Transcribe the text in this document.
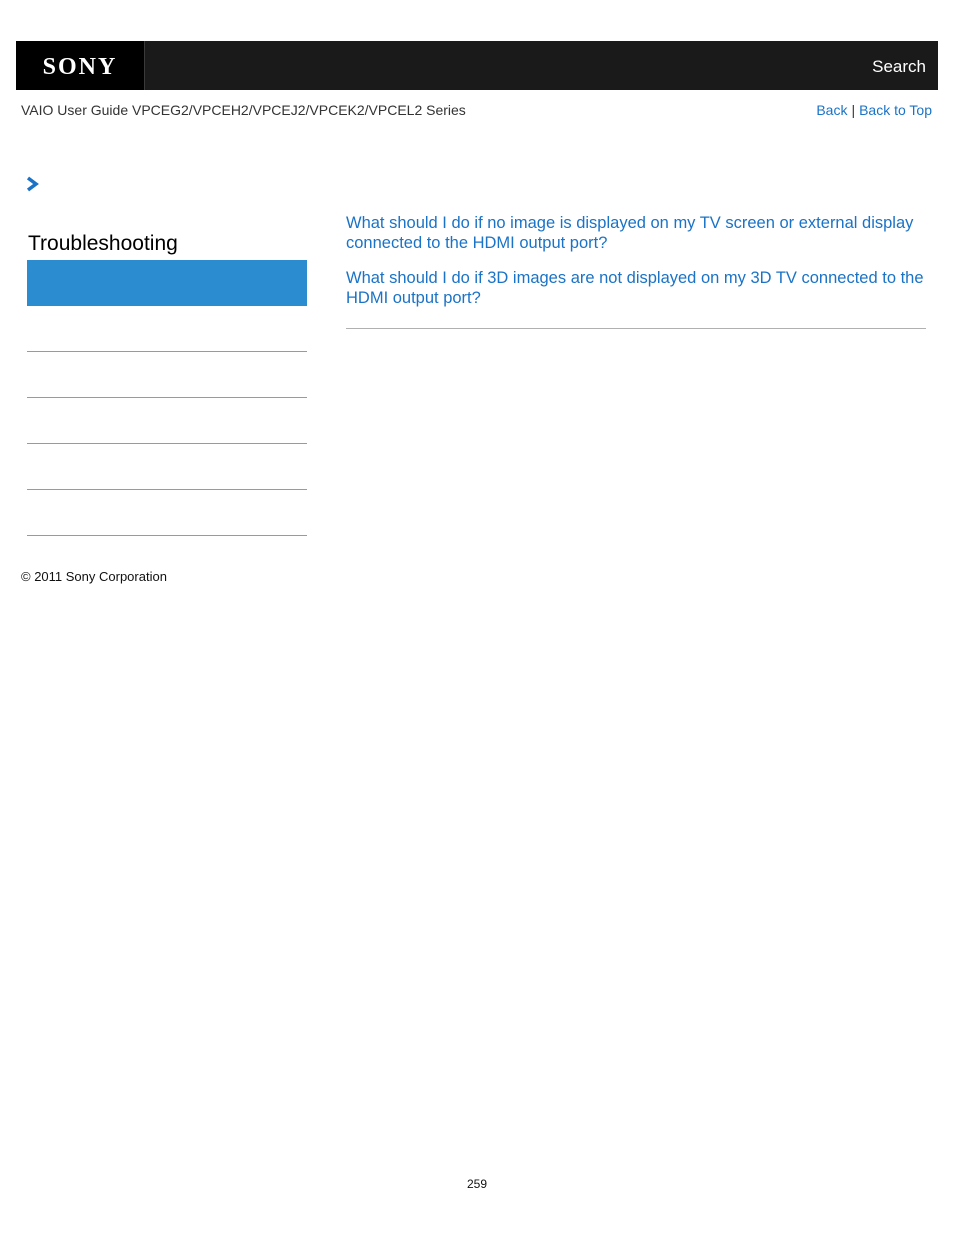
SONY	Search
VAIO User Guide VPCEG2/VPCEH2/VPCEJ2/VPCEK2/VPCEL2 Series	Back | Back to Top
Troubleshooting
What should I do if no image is displayed on my TV screen or external display connected to the HDMI output port?
What should I do if 3D images are not displayed on my 3D TV connected to the HDMI output port?
© 2011 Sony Corporation
259
